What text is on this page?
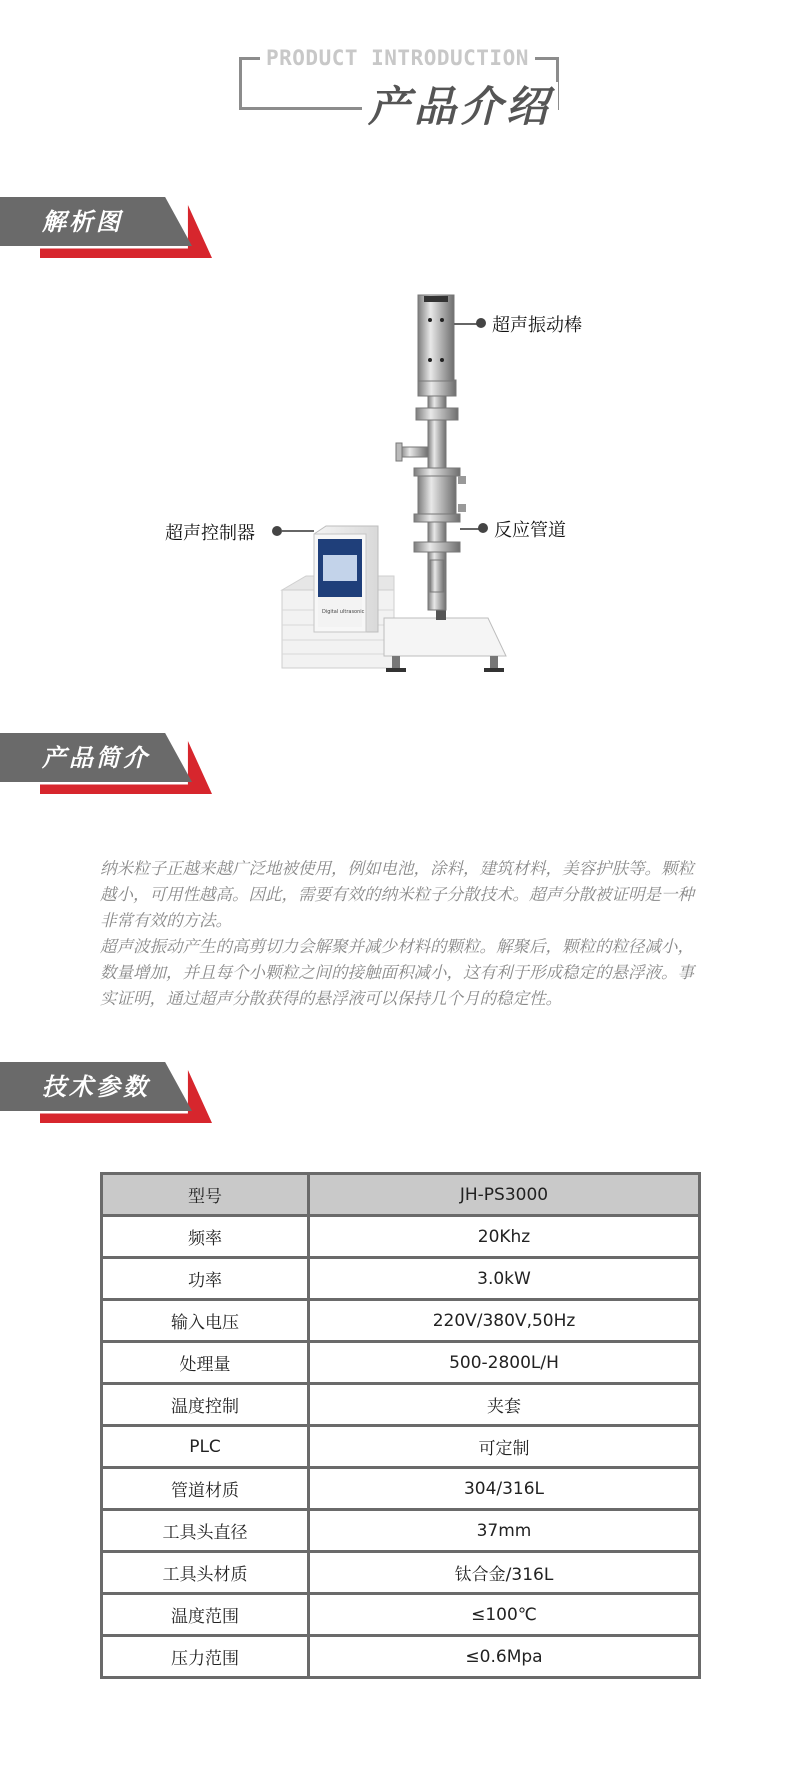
PRODUCT INTRODUCTION
产品介绍
解析图
Digital ultrasonic
超声振动棒
超声控制器	反应管道
产品简介

纳米粒子正越来越广泛地被使用，例如电池，涂料，建筑材料，美容护肤等。颗粒越小，可用性越高。因此，需要有效的纳米粒子分散技术。超声分散被证明是一种非常有效的方法。

超声波振动产生的高剪切力会解聚并减少材料的颗粒。解聚后，颗粒的粒径减小，数量增加，并且每个小颗粒之间的接触面积减小，这有利于形成稳定的悬浮液。事实证明，通过超声分散获得的悬浮液可以保持几个月的稳定性。

技术参数
型号	JH-PS3000
频率	20Khz
功率	3.0kW
输入电压	220V/380V,50Hz
处理量	500-2800L/H
温度控制	夹套
PLC	可定制
管道材质	304/316L
工具头直径	37mm
工具头材质	钛合金/316L
温度范围	≤100℃
压力范围	≤0.6Mpa
